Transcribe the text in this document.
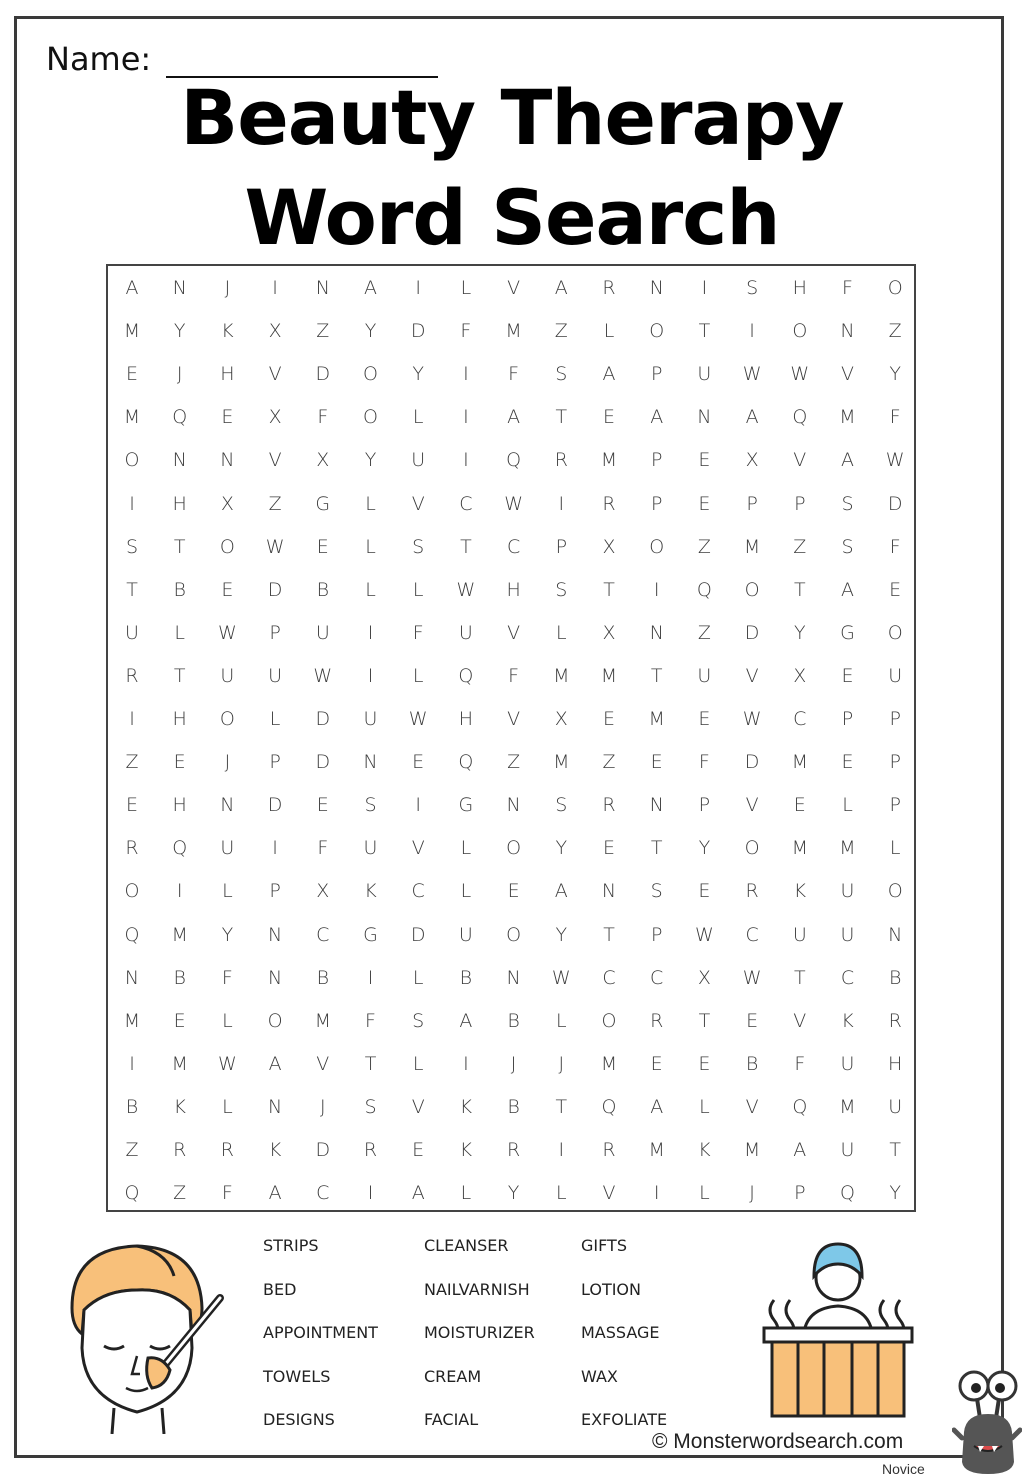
Name:
Beauty Therapy
Word Search
A	N	J	I	N	A	I	L	V	A	R	N	I	S	H	F	O
M	Y	K	X	Z	Y	D	F	M	Z	L	O	T	I	O	N	Z
E	J	H	V	D	O	Y	I	F	S	A	P	U	W	W	V	Y
M	Q	E	X	F	O	L	I	A	T	E	A	N	A	Q	M	F
O	N	N	V	X	Y	U	I	Q	R	M	P	E	X	V	A	W
I	H	X	Z	G	L	V	C	W	I	R	P	E	P	P	S	D
S	T	O	W	E	L	S	T	C	P	X	O	Z	M	Z	S	F
T	B	E	D	B	L	L	W	H	S	T	I	Q	O	T	A	E
U	L	W	P	U	I	F	U	V	L	X	N	Z	D	Y	G	O
R	T	U	U	W	I	L	Q	F	M	M	T	U	V	X	E	U
I	H	O	L	D	U	W	H	V	X	E	M	E	W	C	P	P
Z	E	J	P	D	N	E	Q	Z	M	Z	E	F	D	M	E	P
E	H	N	D	E	S	I	G	N	S	R	N	P	V	E	L	P
R	Q	U	I	F	U	V	L	O	Y	E	T	Y	O	M	M	L
O	I	L	P	X	K	C	L	E	A	N	S	E	R	K	U	O
Q	M	Y	N	C	G	D	U	O	Y	T	P	W	C	U	U	N
N	B	F	N	B	I	L	B	N	W	C	C	X	W	T	C	B
M	E	L	O	M	F	S	A	B	L	O	R	T	E	V	K	R
I	M	W	A	V	T	L	I	J	J	M	E	E	B	F	U	H
B	K	L	N	J	S	V	K	B	T	Q	A	L	V	Q	M	U
Z	R	R	K	D	R	E	K	R	I	R	M	K	M	A	U	T
Q	Z	F	A	C	I	A	L	Y	L	V	I	L	J	P	Q	Y
© Monsterwordsearch.com
Novice
STRIPS	CLEANSER	GIFTS
BED	NAILVARNISH	LOTION
APPOINTMENT	MOISTURIZER	MASSAGE
TOWELS	CREAM	WAX
DESIGNS	FACIAL	EXFOLIATE
